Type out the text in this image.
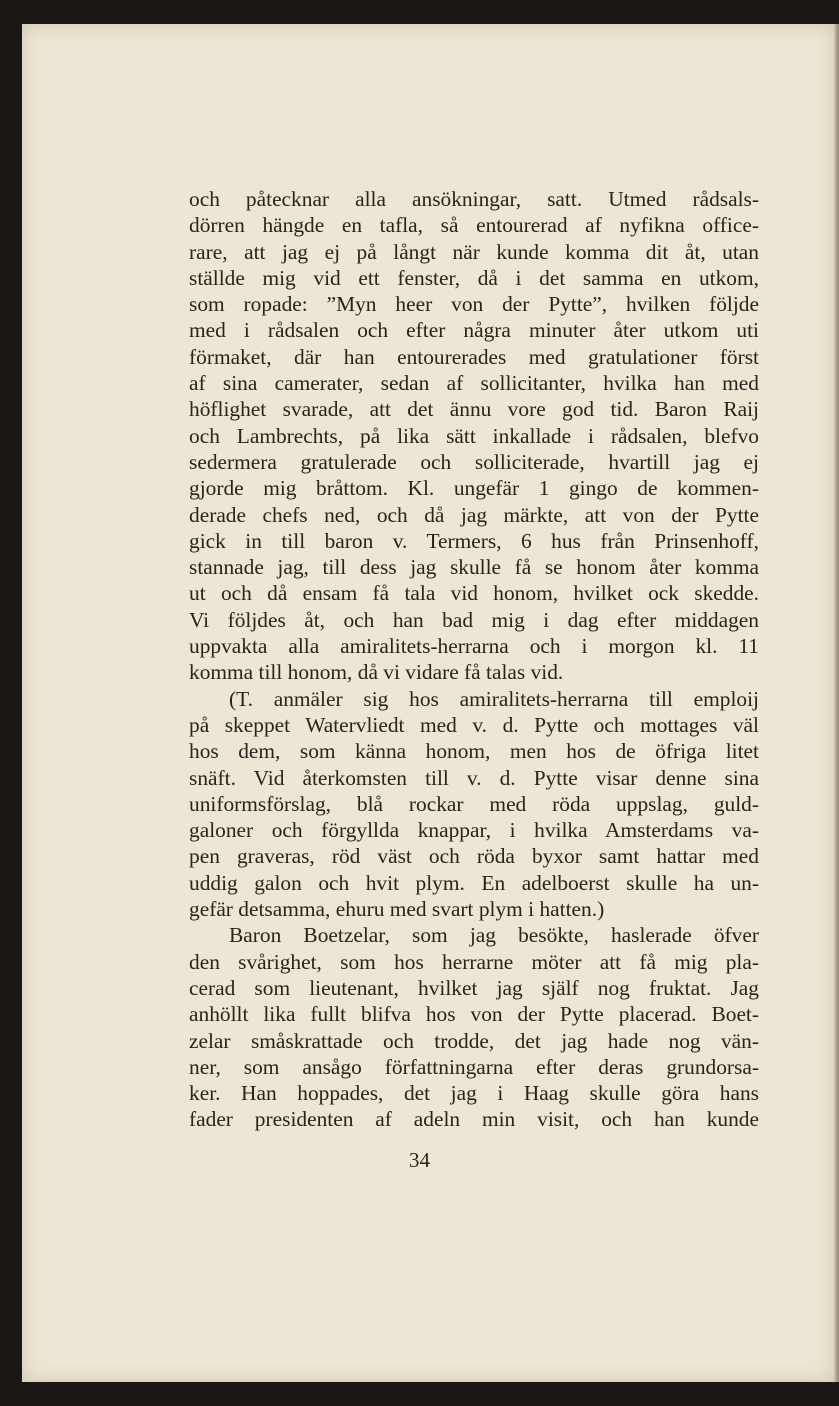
och påtecknar alla ansökningar, satt. Utmed rådsals-
dörren hängde en tafla, så entourerad af nyfikna office-
rare, att jag ej på långt när kunde komma dit åt, utan
ställde mig vid ett fenster, då i det samma en utkom,
som ropade: ”Myn heer von der Pytte”, hvilken följde
med i rådsalen och efter några minuter åter utkom uti
förmaket, där han entourerades med gratulationer först
af sina camerater, sedan af sollicitanter, hvilka han med
höflighet svarade, att det ännu vore god tid. Baron Raij
och Lambrechts, på lika sätt inkallade i rådsalen, blefvo
sedermera gratulerade och solliciterade, hvartill jag ej
gjorde mig bråttom. Kl. ungefär 1 gingo de kommen-
derade chefs ned, och då jag märkte, att von der Pytte
gick in till baron v. Termers, 6 hus från Prinsenhoff,
stannade jag, till dess jag skulle få se honom åter komma
ut och då ensam få tala vid honom, hvilket ock skedde.
Vi följdes åt, och han bad mig i dag efter middagen
uppvakta alla amiralitets-herrarna och i morgon kl. 11
komma till honom, då vi vidare få talas vid.
(T. anmäler sig hos amiralitets-herrarna till emploij
på skeppet Watervliedt med v. d. Pytte och mottages väl
hos dem, som känna honom, men hos de öfriga litet
snäft. Vid återkomsten till v. d. Pytte visar denne sina
uniformsförslag, blå rockar med röda uppslag, guld-
galoner och förgyllda knappar, i hvilka Amsterdams va-
pen graveras, röd väst och röda byxor samt hattar med
uddig galon och hvit plym. En adelboerst skulle ha un-
gefär detsamma, ehuru med svart plym i hatten.)
Baron Boetzelar, som jag besökte, haslerade öfver
den svårighet, som hos herrarne möter att få mig pla-
cerad som lieutenant, hvilket jag själf nog fruktat. Jag
anhöllt lika fullt blifva hos von der Pytte placerad. Boet-
zelar småskrattade och trodde, det jag hade nog vän-
ner, som ansågo författningarna efter deras grundorsa-
ker. Han hoppades, det jag i Haag skulle göra hans
fader presidenten af adeln min visit, och han kunde
34
